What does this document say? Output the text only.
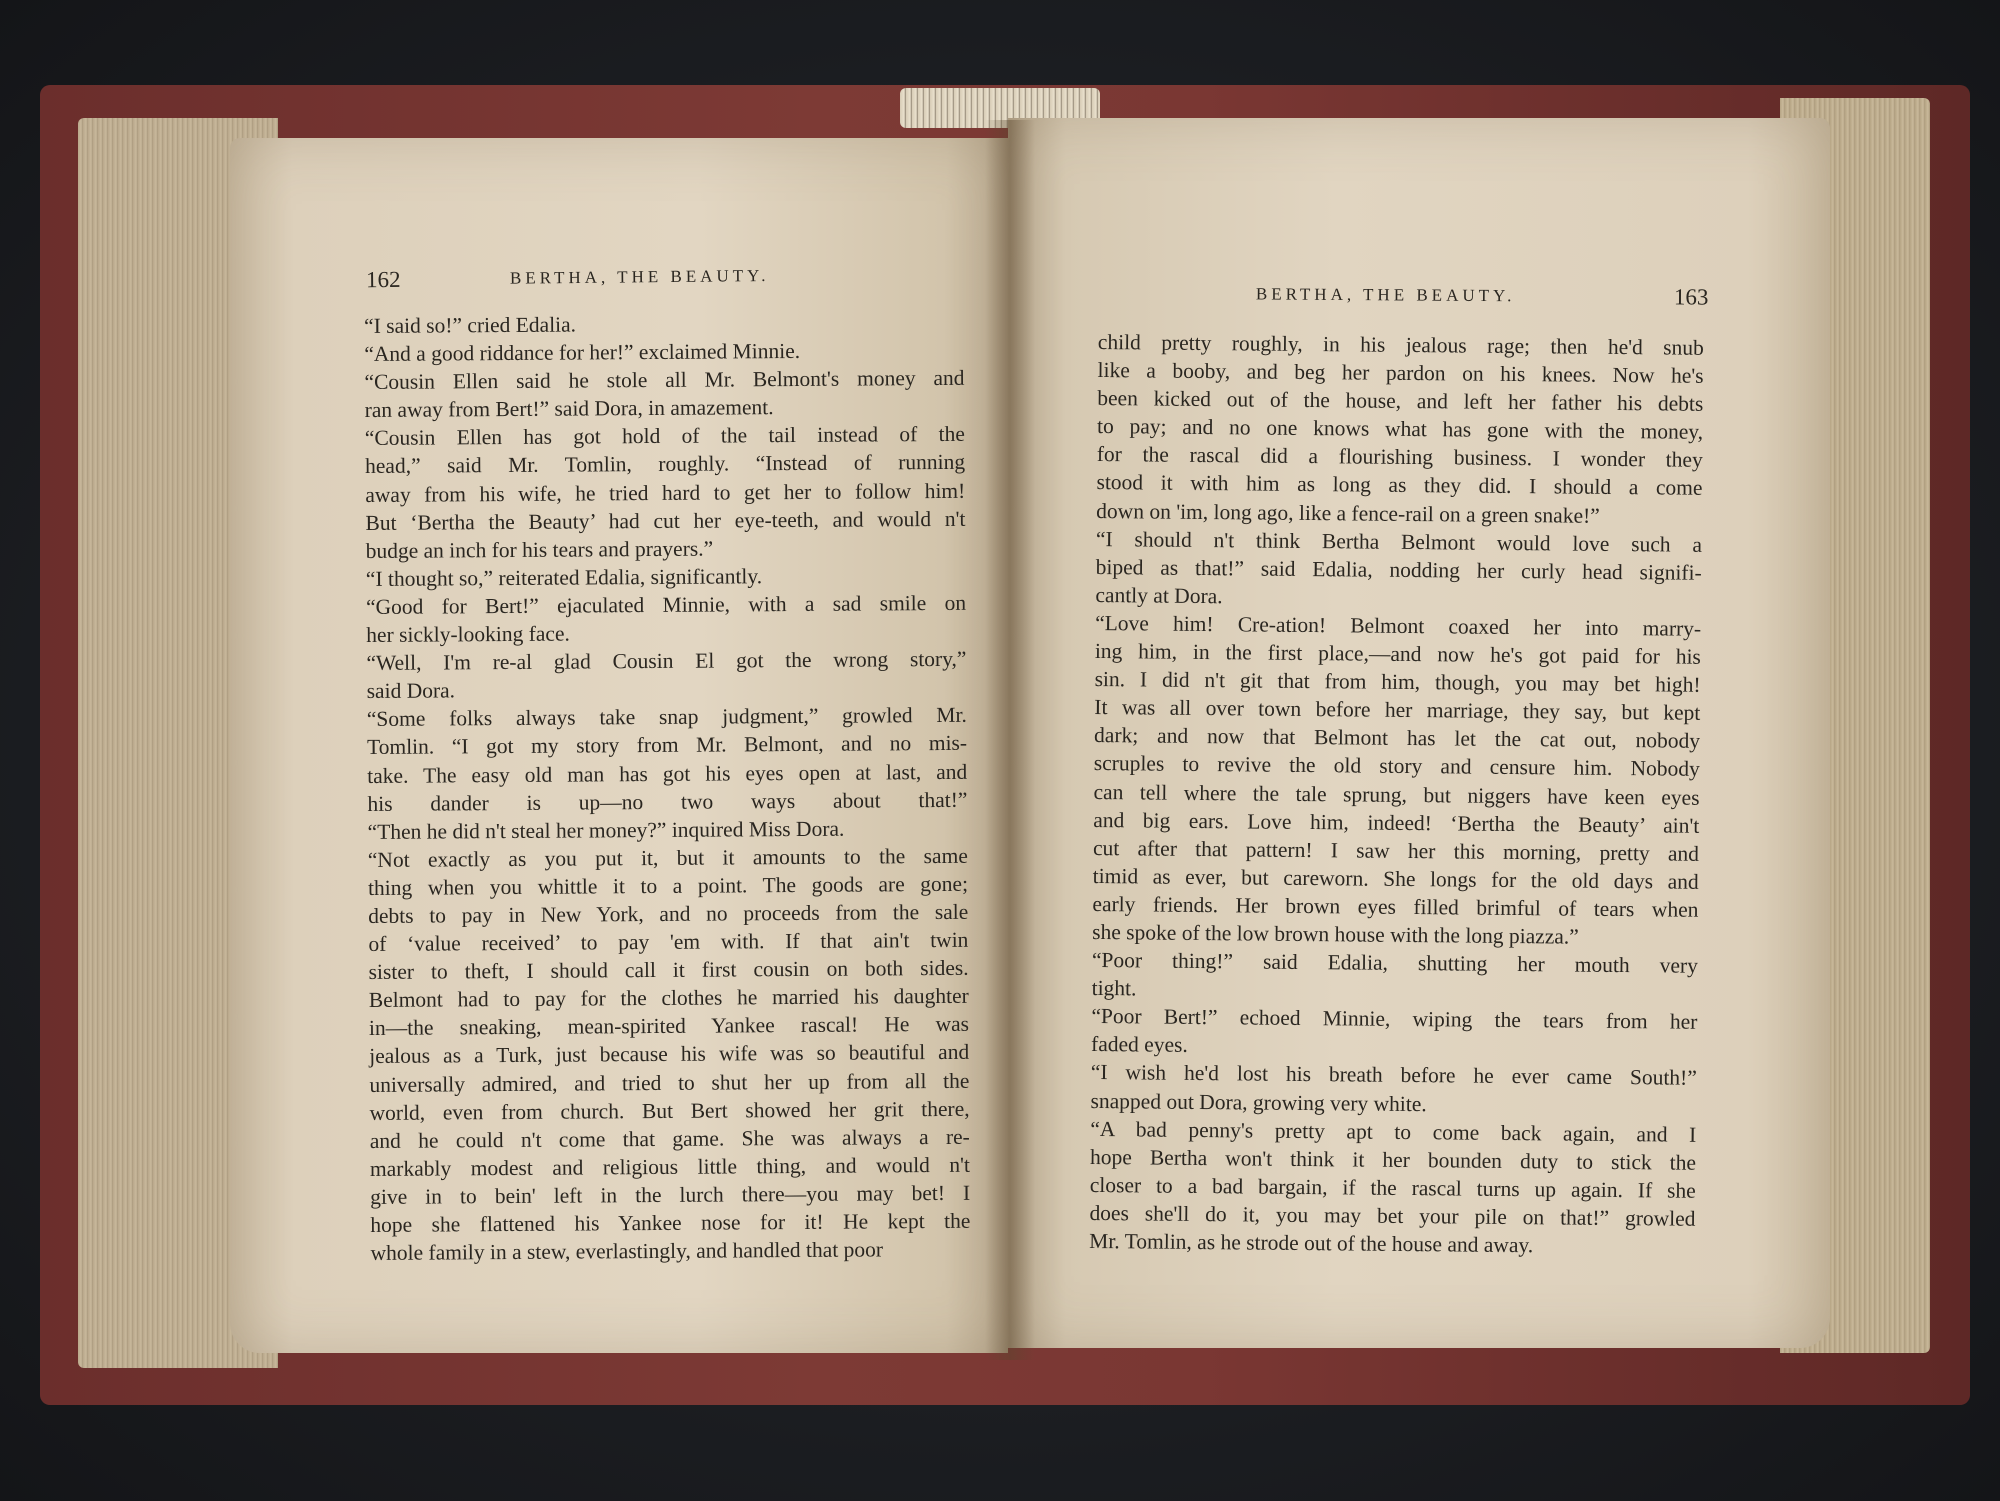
162	BERTHA, THE BEAUTY.
BERTHA, THE BEAUTY.	163

“I said so!” cried Edalia.

“And a good riddance for her!” exclaimed Minnie.

“Cousin Ellen said he stole all Mr. Belmont's money and

ran away from Bert!” said Dora, in amazement.

“Cousin Ellen has got hold of the tail instead of the

head,” said Mr. Tomlin, roughly. “Instead of running

away from his wife, he tried hard to get her to follow him!

But ‘Bertha the Beauty’ had cut her eye-teeth, and would n't

budge an inch for his tears and prayers.”

“I thought so,” reiterated Edalia, significantly.

“Good for Bert!” ejaculated Minnie, with a sad smile on

her sickly-looking face.

“Well, I'm re-al glad Cousin El got the wrong story,”

said Dora.

“Some folks always take snap judgment,” growled Mr.

Tomlin. “I got my story from Mr. Belmont, and no mis-

take. The easy old man has got his eyes open at last, and

his dander is up—no two ways about that!”

“Then he did n't steal her money?” inquired Miss Dora.

“Not exactly as you put it, but it amounts to the same

thing when you whittle it to a point. The goods are gone;

debts to pay in New York, and no proceeds from the sale

of ‘value received’ to pay 'em with. If that ain't twin

sister to theft, I should call it first cousin on both sides.

Belmont had to pay for the clothes he married his daughter

in—the sneaking, mean-spirited Yankee rascal! He was

jealous as a Turk, just because his wife was so beautiful and

universally admired, and tried to shut her up from all the

world, even from church. But Bert showed her grit there,

and he could n't come that game. She was always a re-

markably modest and religious little thing, and would n't

give in to bein' left in the lurch there—you may bet! I

hope she flattened his Yankee nose for it! He kept the

whole family in a stew, everlastingly, and handled that poor

child pretty roughly, in his jealous rage; then he'd snub

like a booby, and beg her pardon on his knees. Now he's

been kicked out of the house, and left her father his debts

to pay; and no one knows what has gone with the money,

for the rascal did a flourishing business. I wonder they

stood it with him as long as they did. I should a come

down on 'im, long ago, like a fence-rail on a green snake!”

“I should n't think Bertha Belmont would love such a

biped as that!” said Edalia, nodding her curly head signifi-

cantly at Dora.

“Love him! Cre-ation! Belmont coaxed her into marry-

ing him, in the first place,—and now he's got paid for his

sin. I did n't git that from him, though, you may bet high!

It was all over town before her marriage, they say, but kept

dark; and now that Belmont has let the cat out, nobody

scruples to revive the old story and censure him. Nobody

can tell where the tale sprung, but niggers have keen eyes

and big ears. Love him, indeed! ‘Bertha the Beauty’ ain't

cut after that pattern! I saw her this morning, pretty and

timid as ever, but careworn. She longs for the old days and

early friends. Her brown eyes filled brimful of tears when

she spoke of the low brown house with the long piazza.”

“Poor thing!” said Edalia, shutting her mouth very

tight.

“Poor Bert!” echoed Minnie, wiping the tears from her

faded eyes.

“I wish he'd lost his breath before he ever came South!”

snapped out Dora, growing very white.

“A bad penny's pretty apt to come back again, and I

hope Bertha won't think it her bounden duty to stick the

closer to a bad bargain, if the rascal turns up again. If she

does she'll do it, you may bet your pile on that!” growled

Mr. Tomlin, as he strode out of the house and away.
